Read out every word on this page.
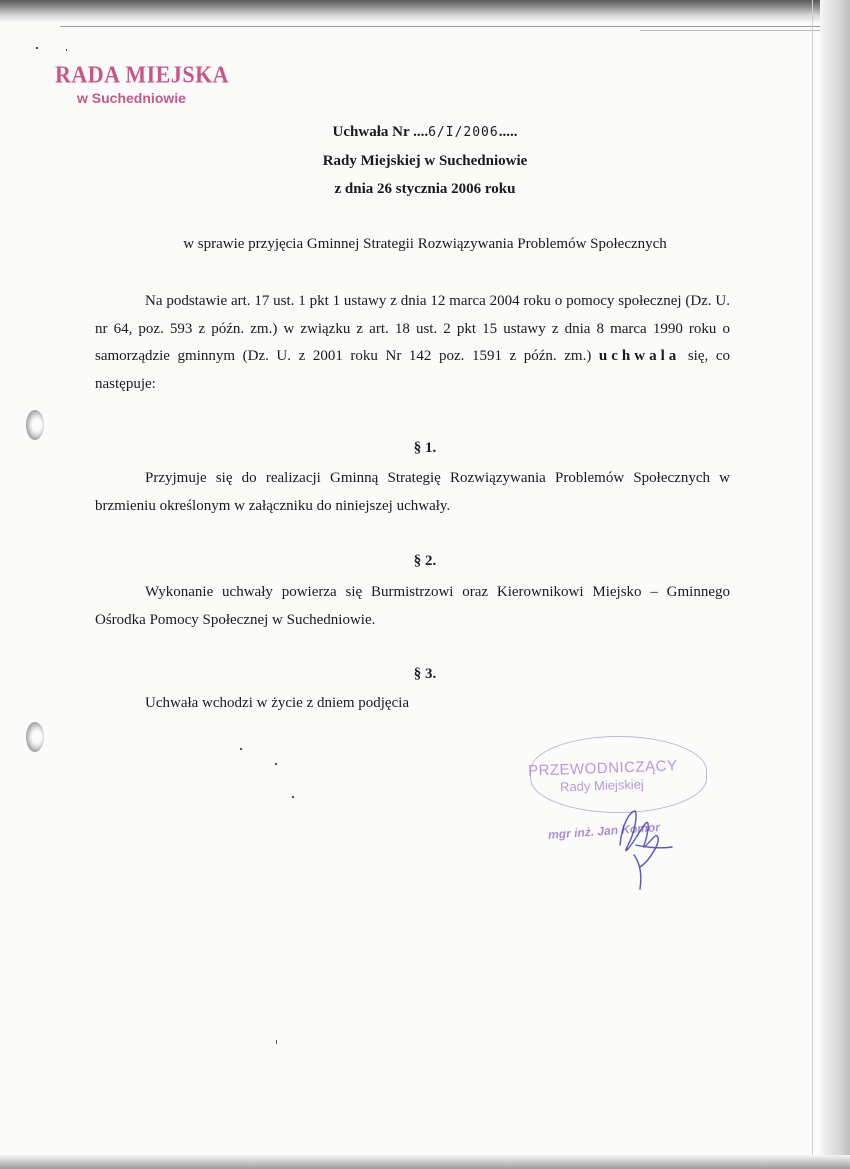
RADA MIEJSKA
w Suchedniowie
Uchwała Nr ....6/I/2006.....
Rady Miejskiej w Suchedniowie
z dnia 26 stycznia 2006 roku
w sprawie przyjęcia Gminnej Strategii Rozwiązywania Problemów Społecznych

Na podstawie art. 17 ust. 1 pkt 1 ustawy z dnia 12 marca 2004 roku o pomocy społecznej (Dz. U. nr 64, poz. 593 z późn. zm.) w związku z art. 18 ust. 2 pkt 15 ustawy z dnia 8 marca 1990 roku o samorządzie gminnym (Dz. U. z 2001 roku Nr 142 poz. 1591 z późn. zm.) uchwala się, co następuje:

§ 1.

Przyjmuje się do realizacji Gminną Strategię Rozwiązywania Problemów Społecznych w brzmieniu określonym w załączniku do niniejszej uchwały.

§ 2.

Wykonanie uchwały powierza się Burmistrzowi oraz Kierownikowi Miejsko – Gminnego Ośrodka Pomocy Społecznej w Suchedniowie.

§ 3.

Uchwała wchodzi w życie z dniem podjęcia

PRZEWODNICZĄCY
Rady Miejskiej
mgr inż. Jan Komor
